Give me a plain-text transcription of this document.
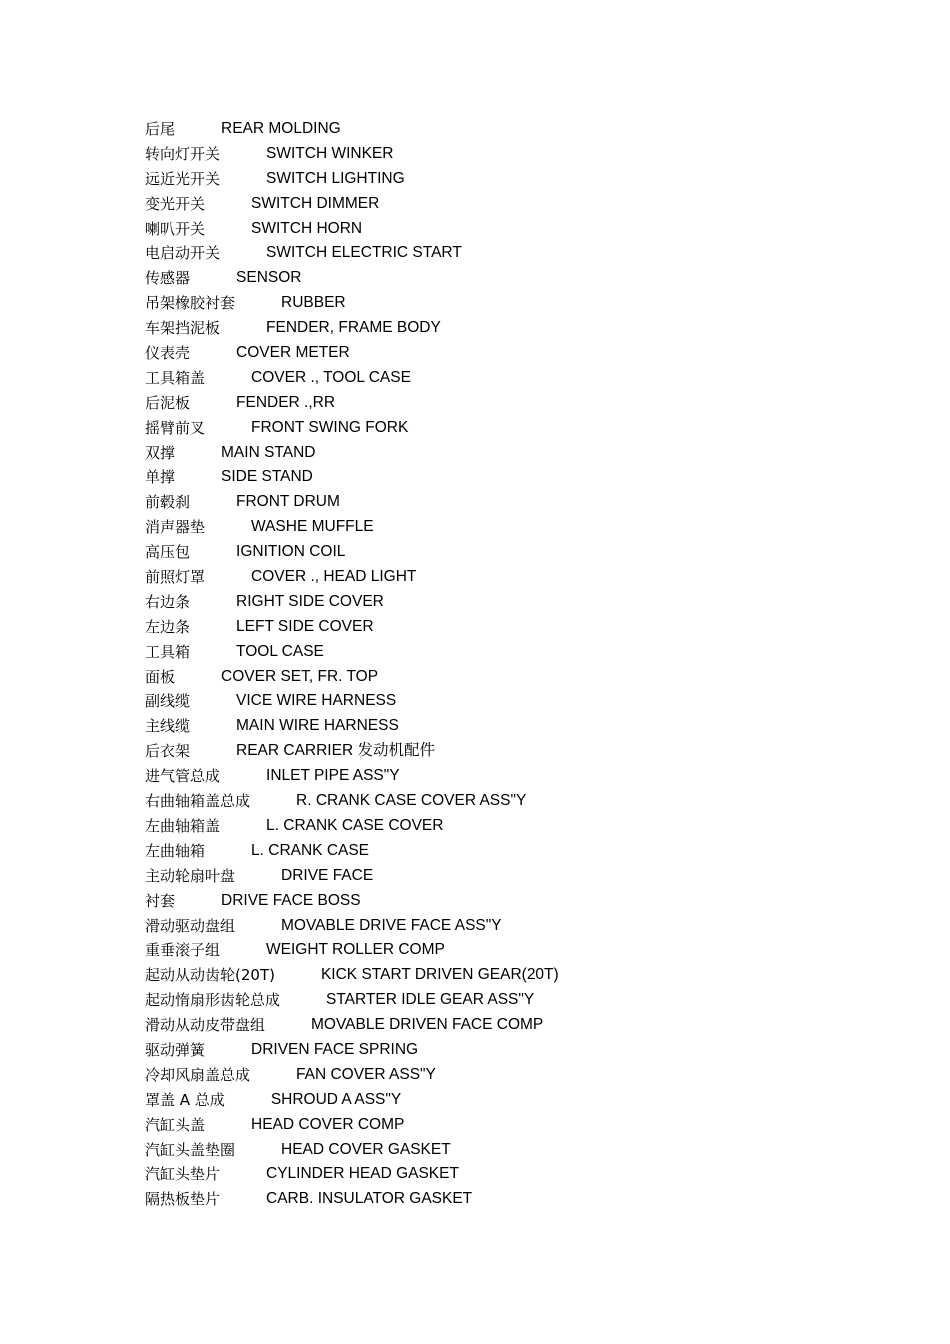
后尾	REAR MOLDING
转向灯开关	SWITCH WINKER
远近光开关	SWITCH LIGHTING
变光开关	SWITCH DIMMER
喇叭开关	SWITCH HORN
电启动开关	SWITCH ELECTRIC START
传感器	SENSOR
吊架橡胶衬套	RUBBER
车架挡泥板	FENDER, FRAME BODY
仪表壳	COVER METER
工具箱盖	COVER ., TOOL CASE
后泥板	FENDER .,RR
摇臂前叉	FRONT SWING FORK
双撑	MAIN STAND
单撑	SIDE STAND
前毂刹	FRONT DRUM
消声器垫	WASHE MUFFLE
高压包	IGNITION COIL
前照灯罩	COVER ., HEAD LIGHT
右边条	RIGHT SIDE COVER
左边条	LEFT SIDE COVER
工具箱	TOOL CASE
面板	COVER SET, FR. TOP
副线缆	VICE WIRE HARNESS
主线缆	MAIN WIRE HARNESS
后衣架	REAR CARRIER 发动机配件
进气管总成	INLET PIPE ASS"Y
右曲轴箱盖总成	R. CRANK CASE COVER ASS"Y
左曲轴箱盖	L. CRANK CASE COVER
左曲轴箱	L. CRANK CASE
主动轮扇叶盘	DRIVE FACE
衬套	DRIVE FACE BOSS
滑动驱动盘组	MOVABLE DRIVE FACE ASS"Y
重垂滚子组	WEIGHT ROLLER COMP
起动从动齿轮(20T)	KICK START DRIVEN GEAR(20T)
起动惰扇形齿轮总成	STARTER IDLE GEAR ASS"Y
滑动从动皮带盘组	MOVABLE DRIVEN FACE COMP
驱动弹簧	DRIVEN FACE SPRING
冷却风扇盖总成	FAN COVER ASS"Y
罩盖 A 总成	SHROUD A ASS"Y
汽缸头盖	HEAD COVER COMP
汽缸头盖垫圈	HEAD COVER GASKET
汽缸头垫片	CYLINDER HEAD GASKET
隔热板垫片	CARB. INSULATOR GASKET
